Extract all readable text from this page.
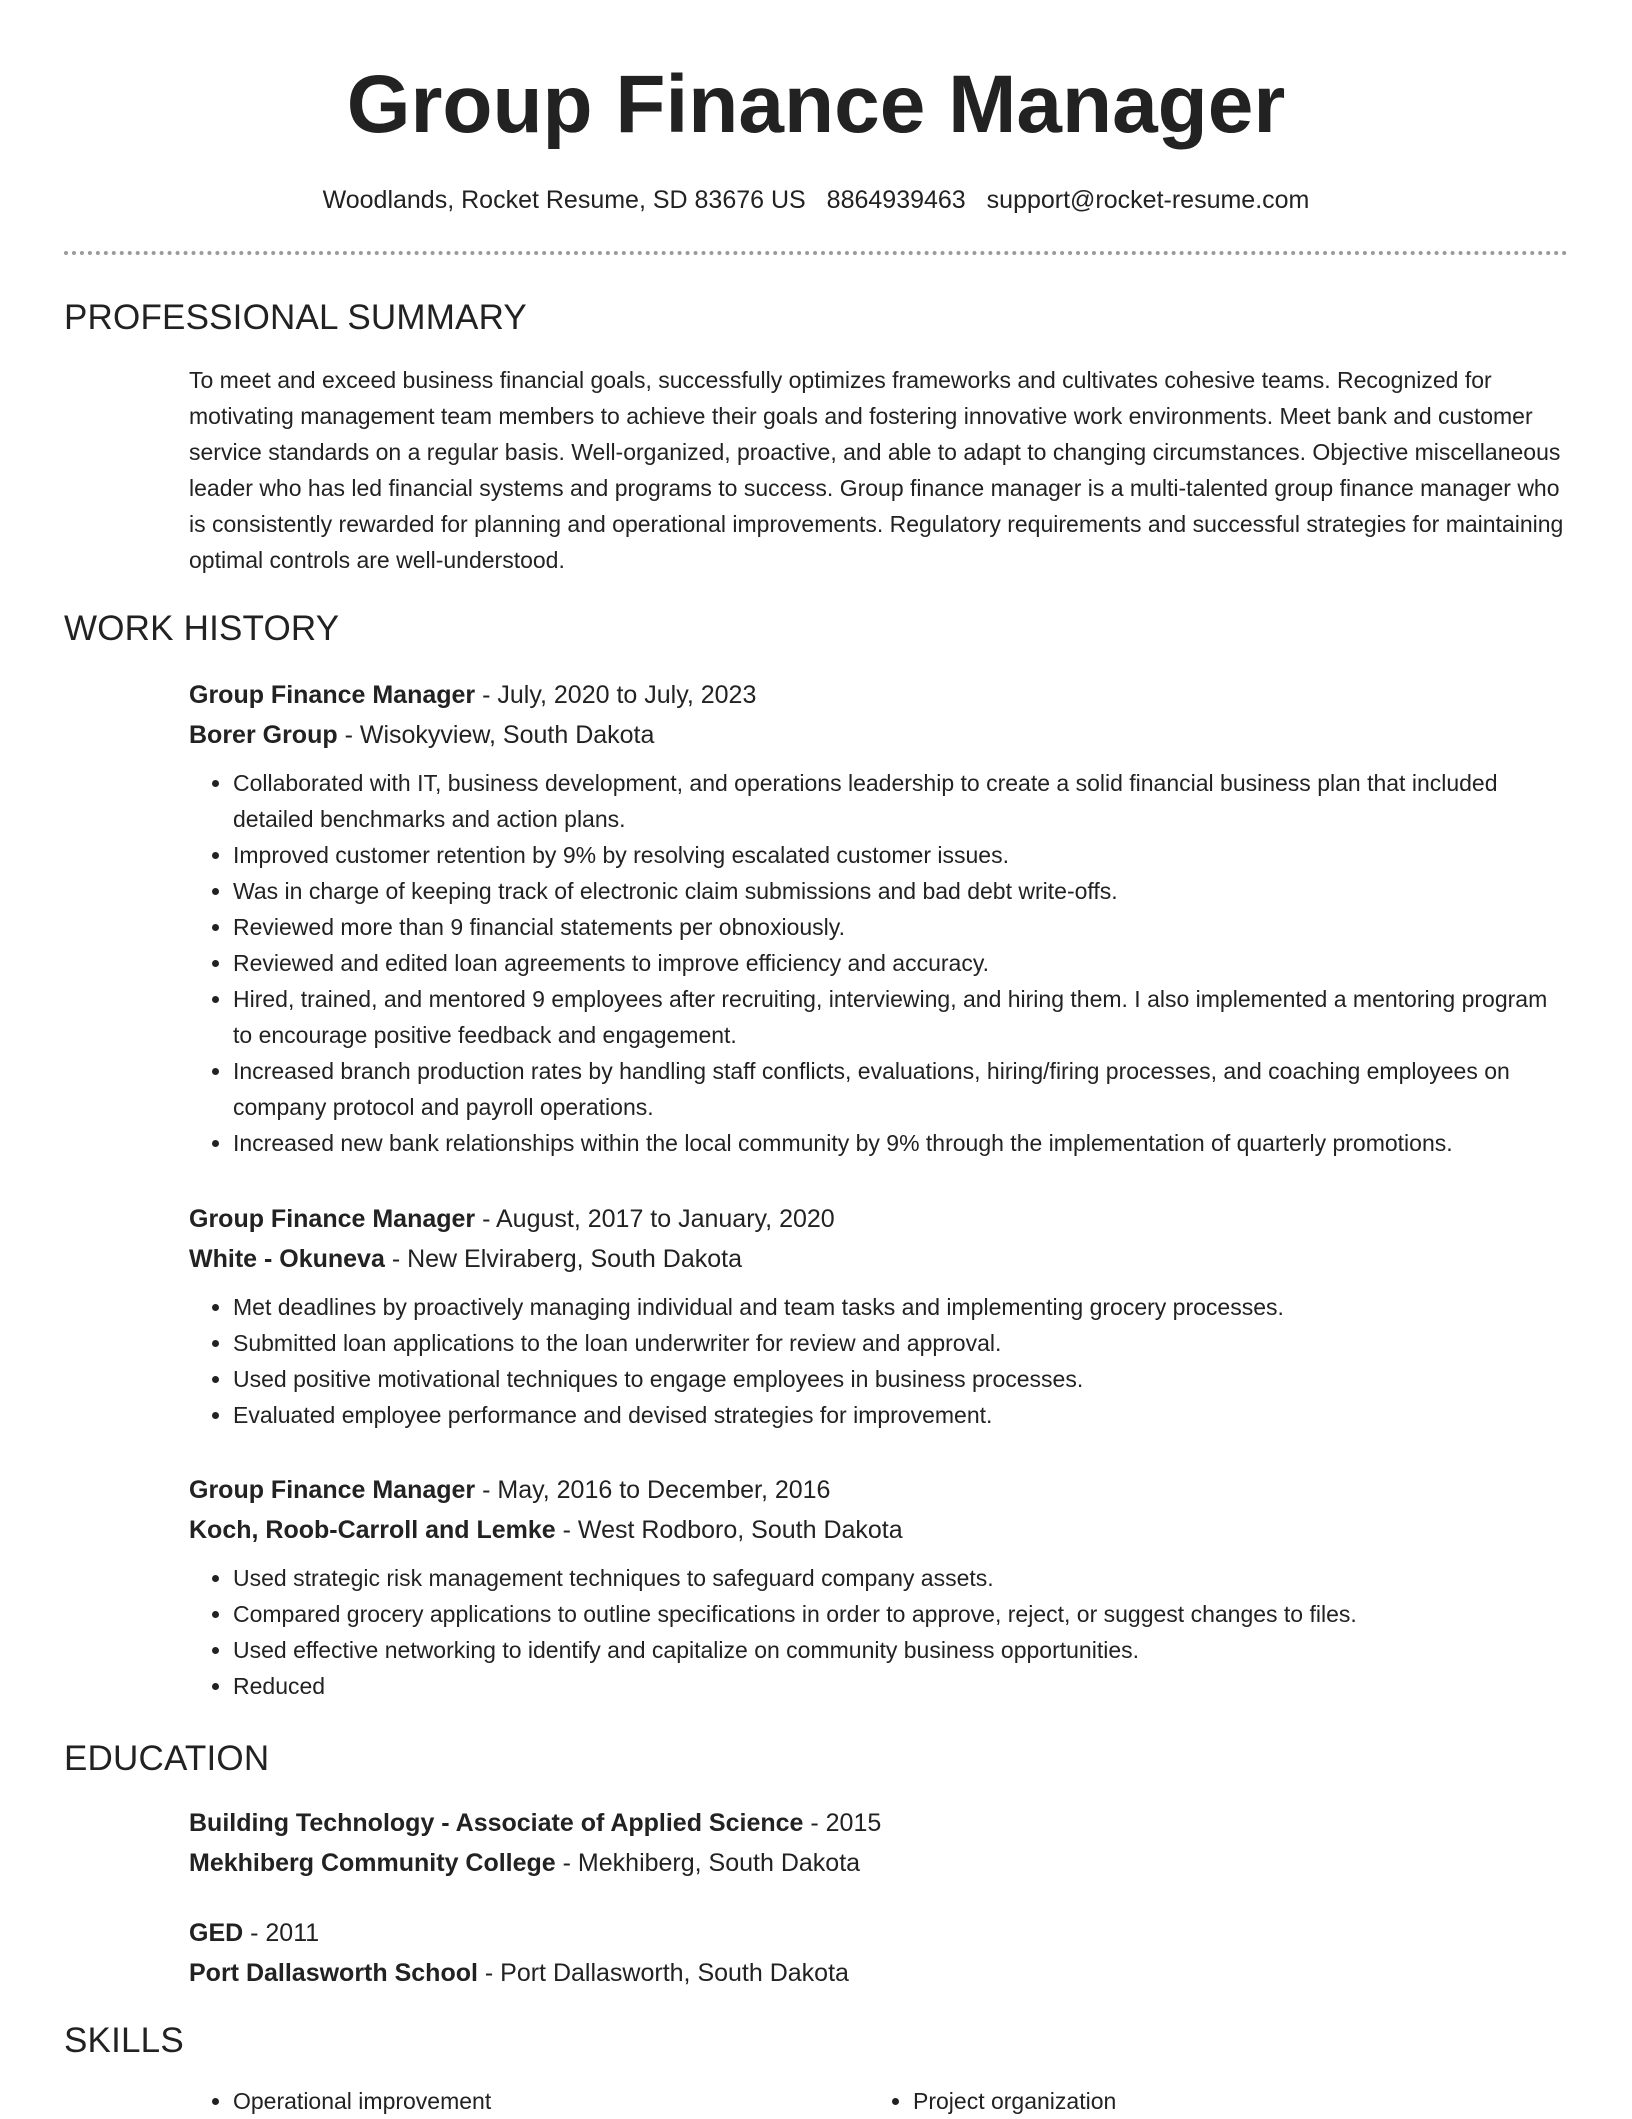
Group Finance Manager
Woodlands, Rocket Resume, SD 83676 US 8864939463 support@rocket-resume.com
PROFESSIONAL SUMMARY

To meet and exceed business financial goals, successfully optimizes frameworks and cultivates cohesive teams. Recognized for motivating management team members to achieve their goals and fostering innovative work environments. Meet bank and customer service standards on a regular basis. Well-organized, proactive, and able to adapt to changing circumstances. Objective miscellaneous leader who has led financial systems and programs to success. Group finance manager is a multi-talented group finance manager who is consistently rewarded for planning and operational improvements. Regulatory requirements and successful strategies for maintaining optimal controls are well-understood.

WORK HISTORY
Group Finance Manager - July, 2020 to July, 2023
Borer Group - Wisokyview, South Dakota
• Collaborated with IT, business development, and operations leadership to create a solid financial business plan that included detailed benchmarks and action plans.
• Improved customer retention by 9% by resolving escalated customer issues.
• Was in charge of keeping track of electronic claim submissions and bad debt write-offs.
• Reviewed more than 9 financial statements per obnoxiously.
• Reviewed and edited loan agreements to improve efficiency and accuracy.
• Hired, trained, and mentored 9 employees after recruiting, interviewing, and hiring them. I also implemented a mentoring program to encourage positive feedback and engagement.
• Increased branch production rates by handling staff conflicts, evaluations, hiring/firing processes, and coaching employees on company protocol and payroll operations.
• Increased new bank relationships within the local community by 9% through the implementation of quarterly promotions.
Group Finance Manager - August, 2017 to January, 2020
White - Okuneva - New Elviraberg, South Dakota
• Met deadlines by proactively managing individual and team tasks and implementing grocery processes.
• Submitted loan applications to the loan underwriter for review and approval.
• Used positive motivational techniques to engage employees in business processes.
• Evaluated employee performance and devised strategies for improvement.
Group Finance Manager - May, 2016 to December, 2016
Koch, Roob-Carroll and Lemke - West Rodboro, South Dakota
• Used strategic risk management techniques to safeguard company assets.
• Compared grocery applications to outline specifications in order to approve, reject, or suggest changes to files.
• Used effective networking to identify and capitalize on community business opportunities.
• Reduced
EDUCATION
Building Technology - Associate of Applied Science - 2015
Mekhiberg Community College - Mekhiberg, South Dakota
GED - 2011
Port Dallasworth School - Port Dallasworth, South Dakota
SKILLS
• Operational improvement
•	Project organization
